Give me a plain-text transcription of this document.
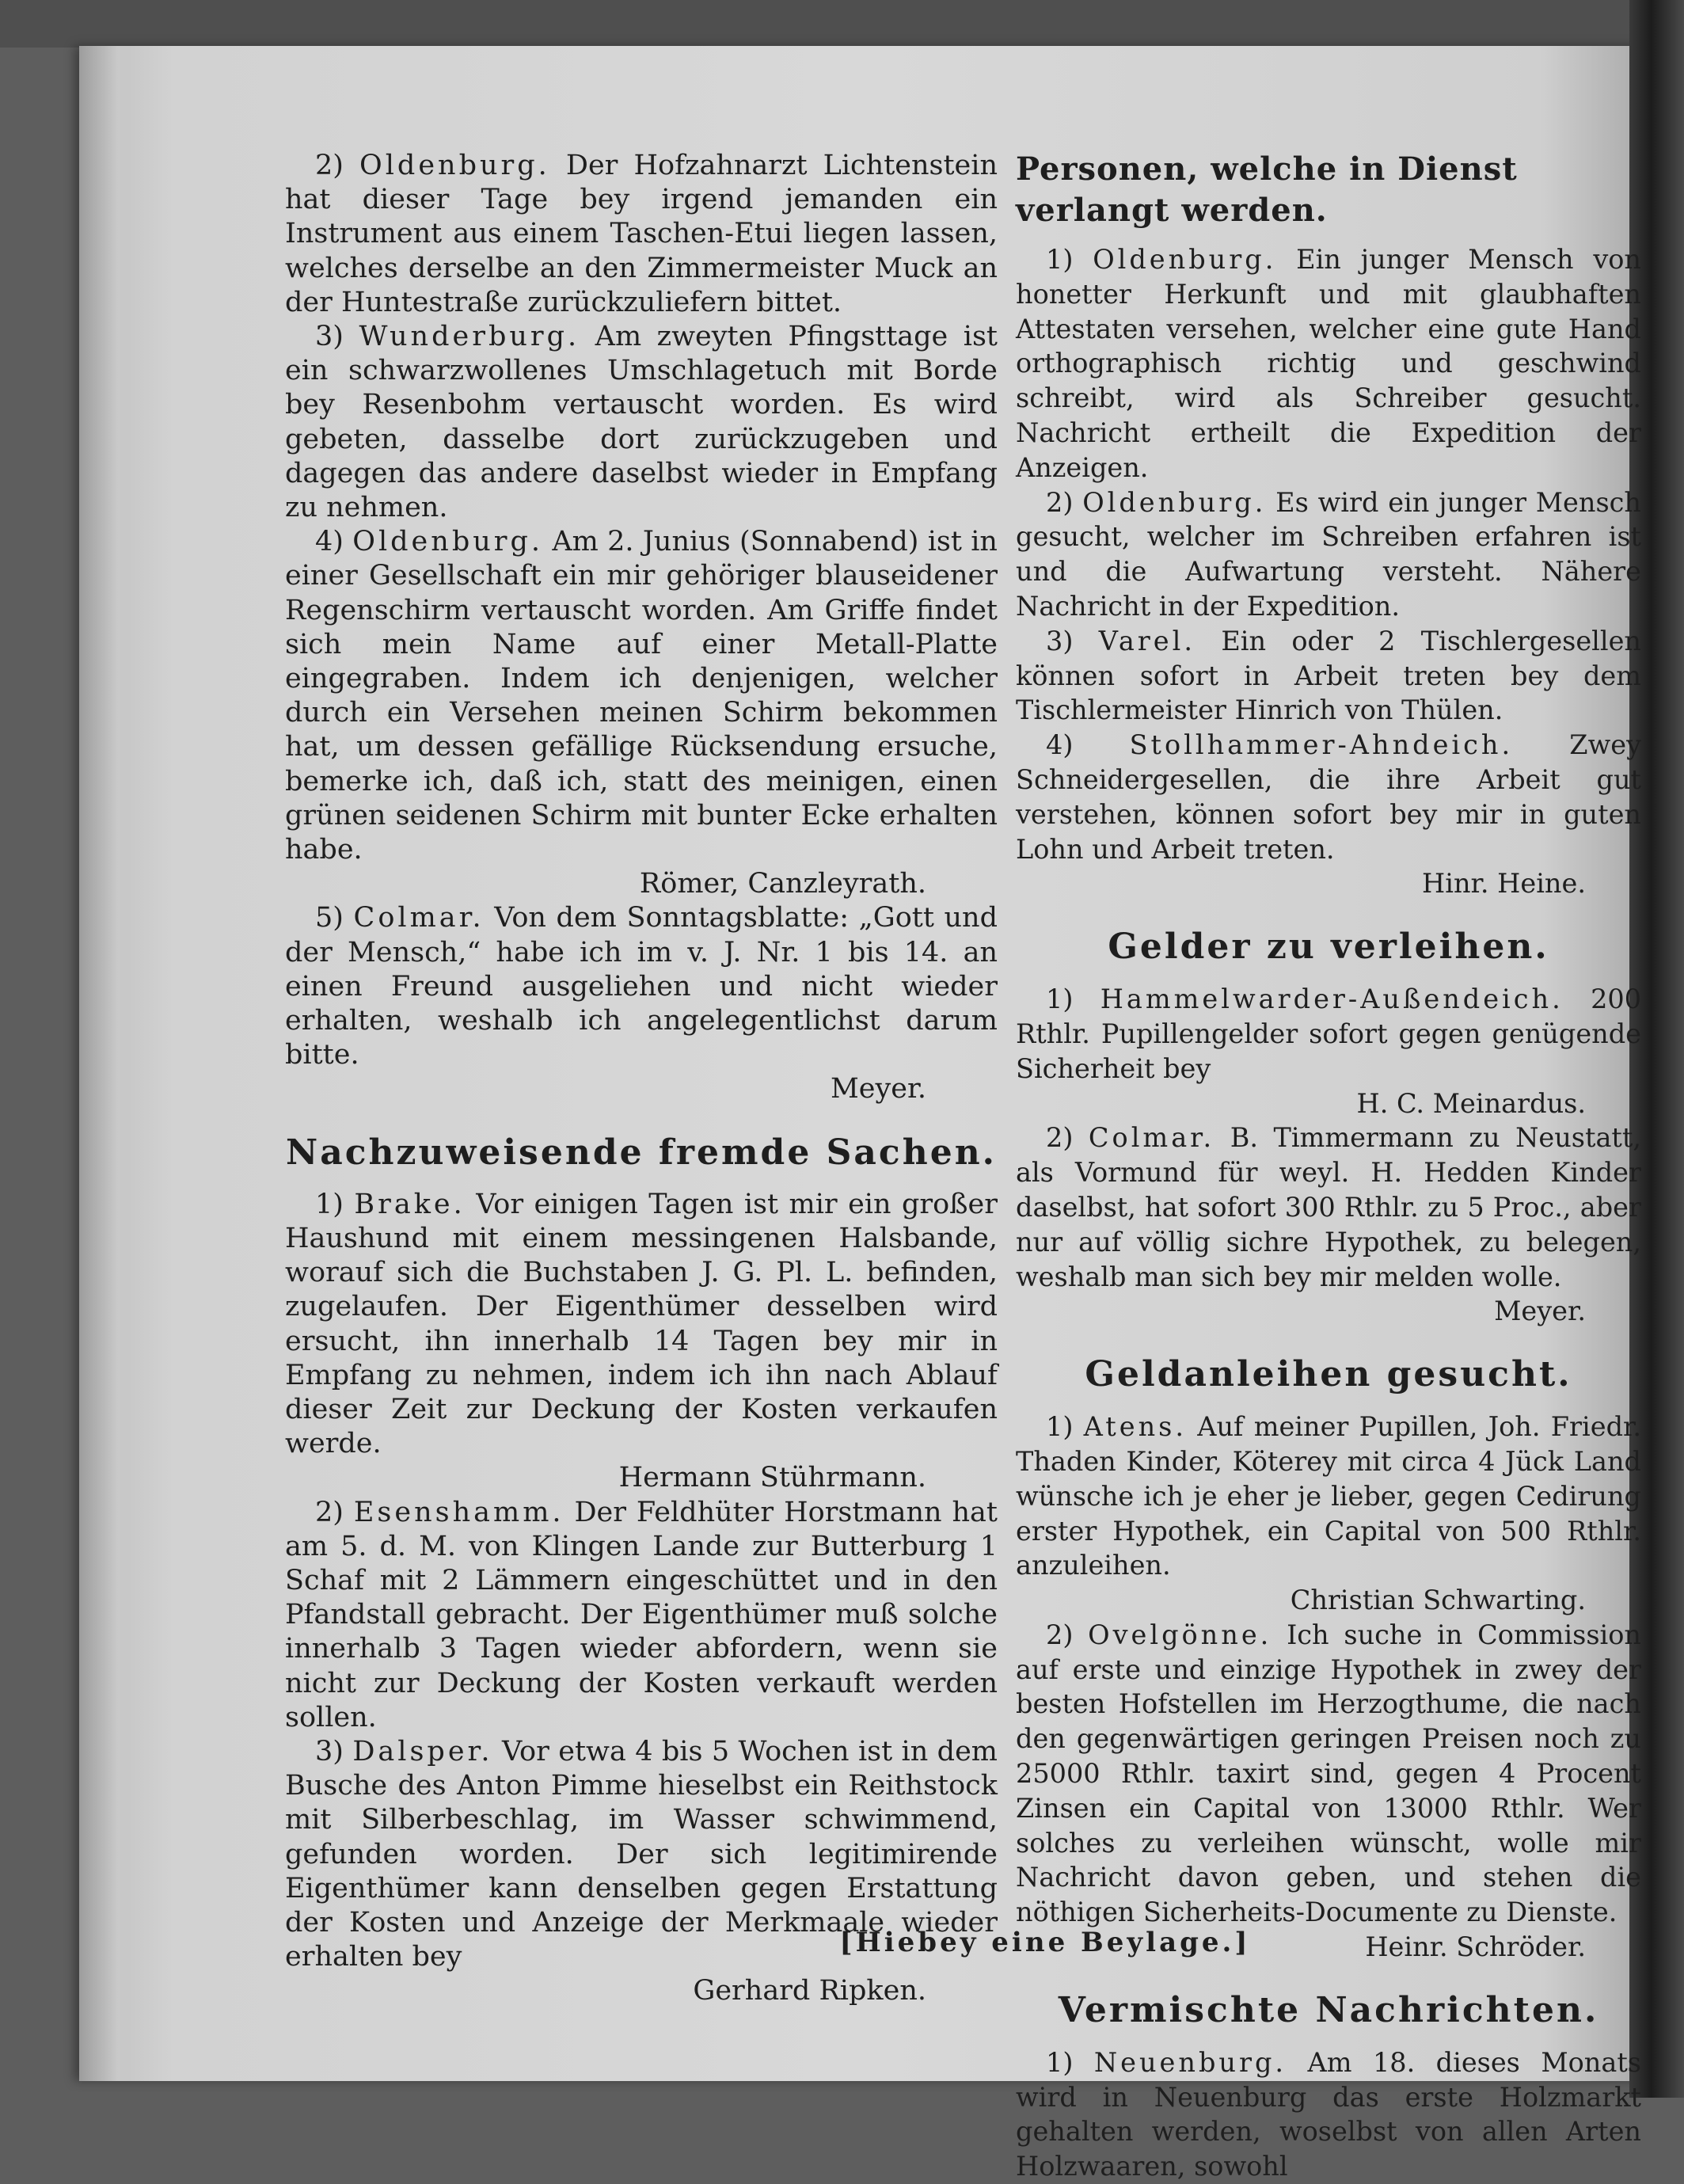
2) Oldenburg. Der Hofzahnarzt Lichtenstein hat dieser Tage bey irgend jemanden ein Instrument aus einem Taschen-Etui liegen lassen, welches derselbe an den Zimmermeister Muck an der Huntestraße zurückzuliefern bittet.

3) Wunderburg. Am zweyten Pfingsttage ist ein schwarzwollenes Umschlagetuch mit Borde bey Resenbohm vertauscht worden. Es wird gebeten, dasselbe dort zurückzugeben und dagegen das andere daselbst wieder in Empfang zu nehmen.

4) Oldenburg. Am 2. Junius (Sonnabend) ist in einer Gesellschaft ein mir gehöriger blauseidener Regenschirm vertauscht worden. Am Griffe findet sich mein Name auf einer Metall-Platte eingegraben. Indem ich denjenigen, welcher durch ein Versehen meinen Schirm bekommen hat, um dessen gefällige Rücksendung ersuche, bemerke ich, daß ich, statt des meinigen, einen grünen seidenen Schirm mit bunter Ecke erhalten habe.

Römer, Canzleyrath.

5) Colmar. Von dem Sonntagsblatte: „Gott und der Mensch,“ habe ich im v. J. Nr. 1 bis 14. an einen Freund ausgeliehen und nicht wieder erhalten, weshalb ich angelegentlichst darum bitte.

Meyer.
Nachzuweisende fremde Sachen.

1) Brake. Vor einigen Tagen ist mir ein großer Haushund mit einem messingenen Halsbande, worauf sich die Buchstaben J. G. Pl. L. befinden, zugelaufen. Der Eigenthümer desselben wird ersucht, ihn innerhalb 14 Tagen bey mir in Empfang zu nehmen, indem ich ihn nach Ablauf dieser Zeit zur Deckung der Kosten verkaufen werde.

Hermann Stührmann.

2) Esenshamm. Der Feldhüter Horstmann hat am 5. d. M. von Klingen Lande zur Butterburg 1 Schaf mit 2 Lämmern eingeschüttet und in den Pfandstall gebracht. Der Eigenthümer muß solche innerhalb 3 Tagen wieder abfordern, wenn sie nicht zur Deckung der Kosten verkauft werden sollen.

3) Dalsper. Vor etwa 4 bis 5 Wochen ist in dem Busche des Anton Pimme hieselbst ein Reithstock mit Silberbeschlag, im Wasser schwimmend, gefunden worden. Der sich legitimirende Eigenthümer kann denselben gegen Erstattung der Kosten und Anzeige der Merkmaale wieder erhalten bey

Gerhard Ripken.
Personen, welche in Dienst verlangt werden.

1) Oldenburg. Ein junger Mensch von honetter Herkunft und mit glaubhaften Attestaten versehen, welcher eine gute Hand orthographisch richtig und geschwind schreibt, wird als Schreiber gesucht. Nachricht ertheilt die Expedition der Anzeigen.

2) Oldenburg. Es wird ein junger Mensch gesucht, welcher im Schreiben erfahren ist und die Aufwartung versteht. Nähere Nachricht in der Expedition.

3) Varel. Ein oder 2 Tischlergesellen können sofort in Arbeit treten bey dem Tischlermeister Hinrich von Thülen.

4) Stollhammer-Ahndeich. Zwey Schneidergesellen, die ihre Arbeit gut verstehen, können sofort bey mir in guten Lohn und Arbeit treten.

Hinr. Heine.
Gelder zu verleihen.

1) Hammelwarder-Außendeich. 200 Rthlr. Pupillengelder sofort gegen genügende Sicherheit bey

H. C. Meinardus.

2) Colmar. B. Timmermann zu Neustatt, als Vormund für weyl. H. Hedden Kinder daselbst, hat sofort 300 Rthlr. zu 5 Proc., aber nur auf völlig sichre Hypothek, zu belegen, weshalb man sich bey mir melden wolle.

Meyer.
Geldanleihen gesucht.

1) Atens. Auf meiner Pupillen, Joh. Friedr. Thaden Kinder, Köterey mit circa 4 Jück Land wünsche ich je eher je lieber, gegen Cedirung erster Hypothek, ein Capital von 500 Rthlr. anzuleihen.

Christian Schwarting.

2) Ovelgönne. Ich suche in Commission auf erste und einzige Hypothek in zwey der besten Hofstellen im Herzogthume, die nach den gegenwärtigen geringen Preisen noch zu 25000 Rthlr. taxirt sind, gegen 4 Procent Zinsen ein Capital von 13000 Rthlr. Wer solches zu verleihen wünscht, wolle mir Nachricht davon geben, und stehen die nöthigen Sicherheits-Documente zu Dienste.

Heinr. Schröder.
Vermischte Nachrichten.

1) Neuenburg. Am 18. dieses Monats wird in Neuenburg das erste Holzmarkt gehalten werden, woselbst von allen Arten Holzwaaren, sowohl

[Hiebey eine Beylage.]
